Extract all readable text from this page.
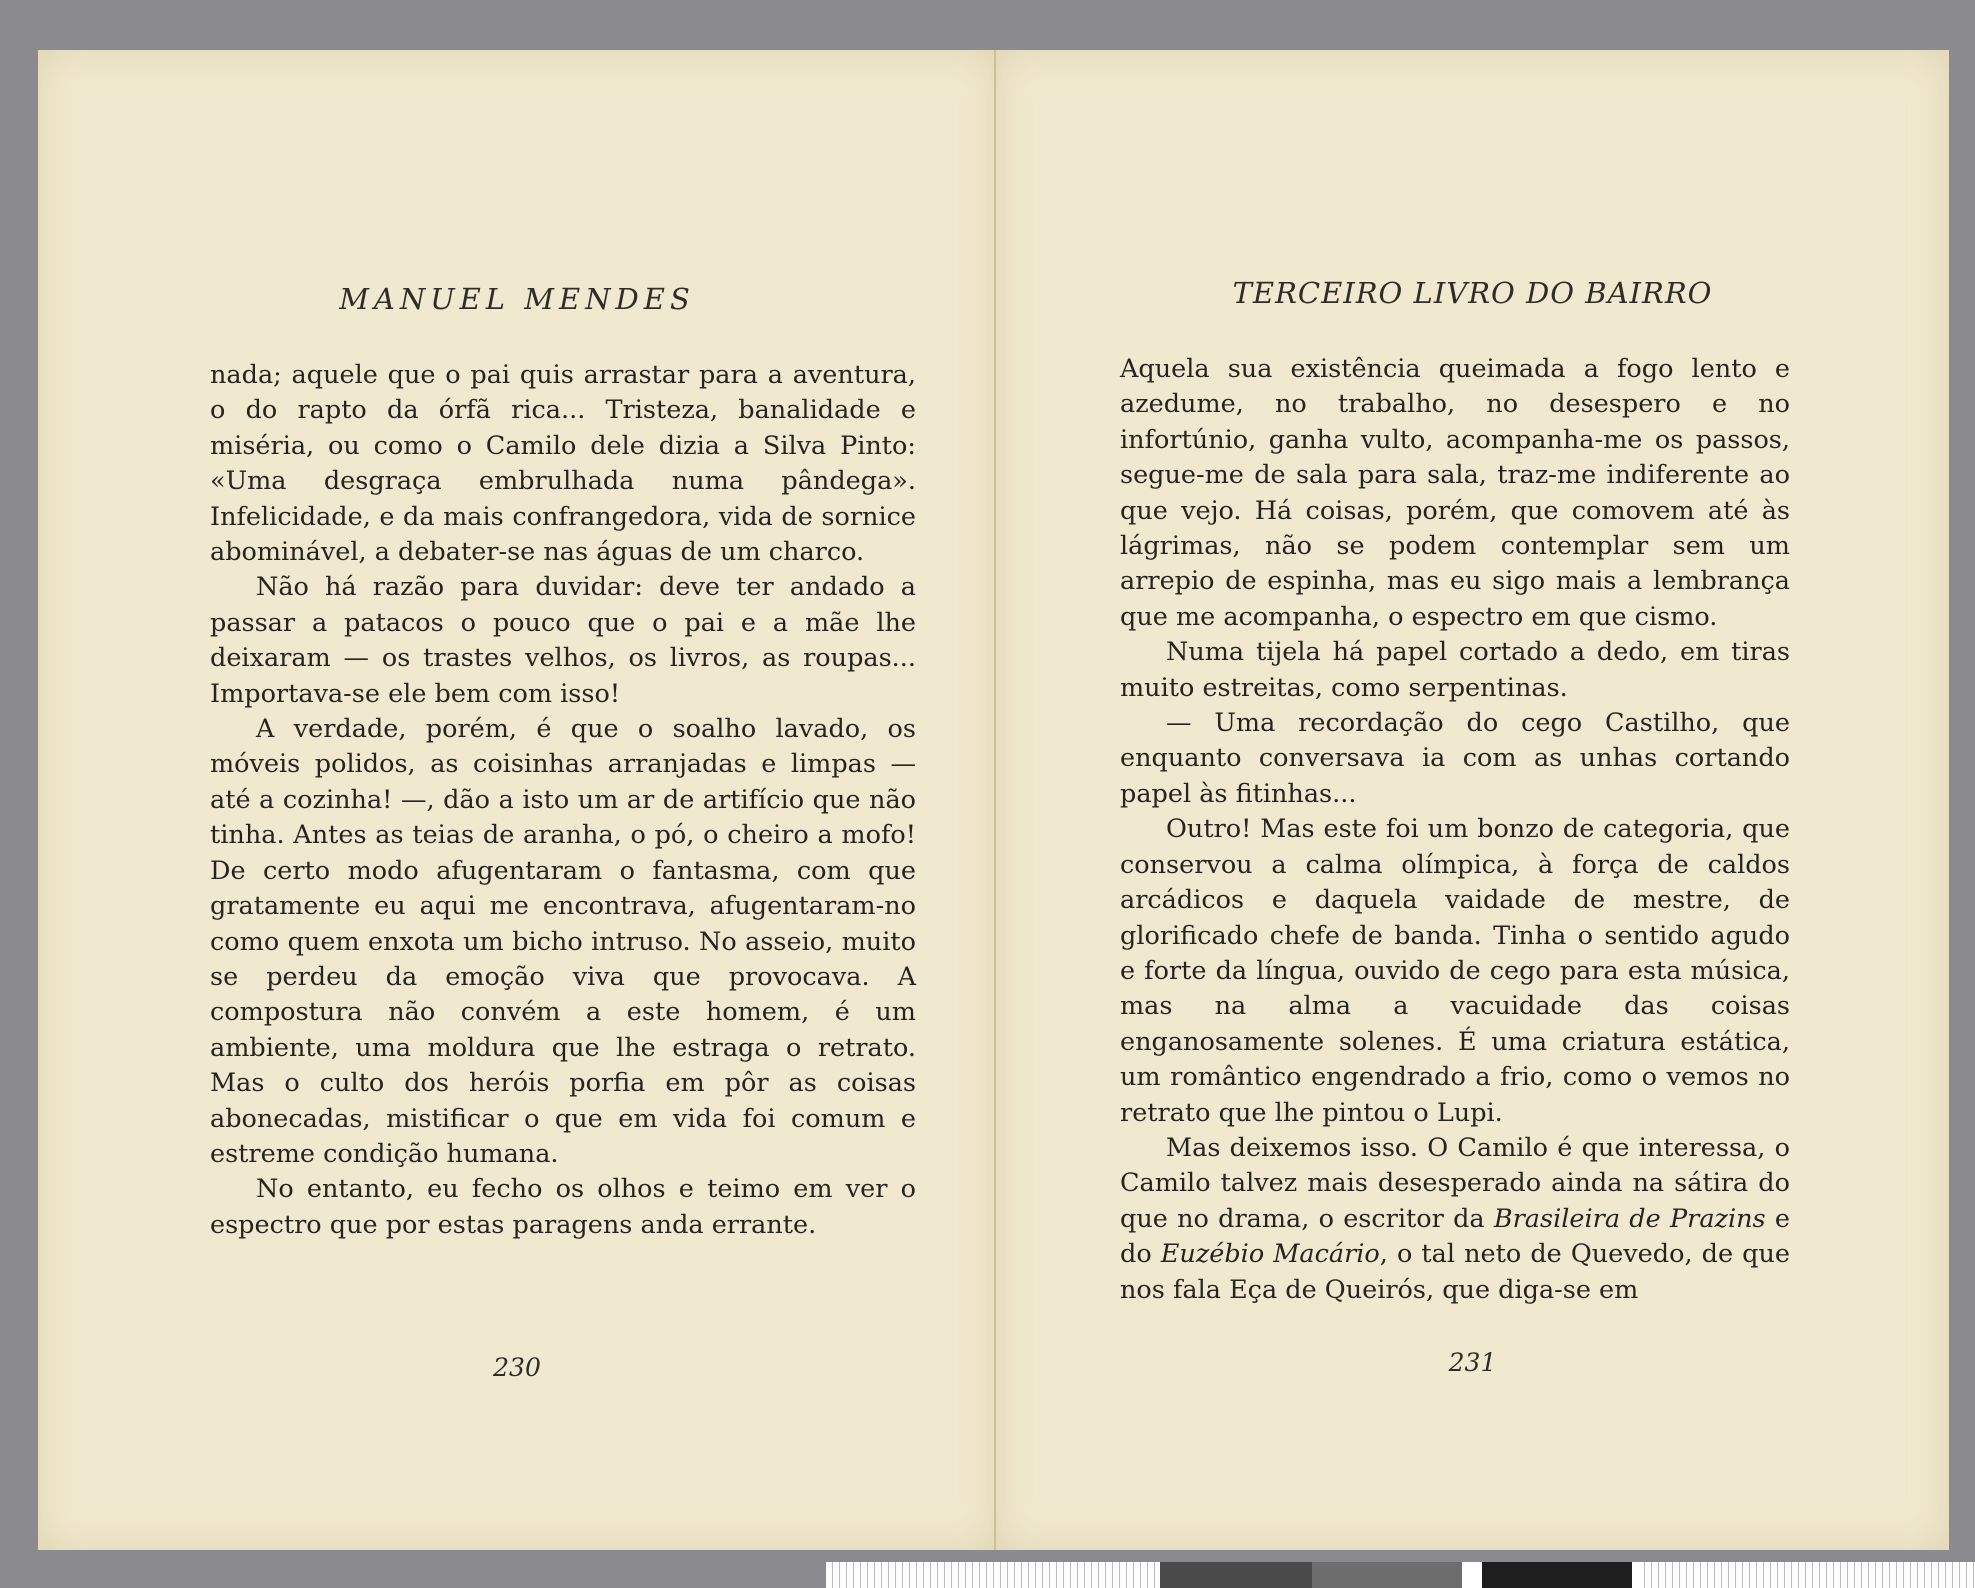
MANUEL MENDES

nada; aquele que o pai quis arrastar para a aventura, o do rapto da órfã rica... Tristeza, banalidade e miséria, ou como o Camilo dele dizia a Silva Pinto: «Uma desgraça embrulhada numa pândega». Infelicidade, e da mais confrangedora, vida de sornice abominável, a debater-se nas águas de um charco.

Não há razão para duvidar: deve ter andado a passar a patacos o pouco que o pai e a mãe lhe deixaram — os trastes velhos, os livros, as roupas... Importava-se ele bem com isso!

A verdade, porém, é que o soalho lavado, os móveis polidos, as coisinhas arranjadas e limpas — até a cozinha! —, dão a isto um ar de artifício que não tinha. Antes as teias de aranha, o pó, o cheiro a mofo! De certo modo afugentaram o fantasma, com que gratamente eu aqui me encontrava, afugentaram-no como quem enxota um bicho intruso. No asseio, muito se perdeu da emoção viva que provocava. A compostura não convém a este homem, é um ambiente, uma moldura que lhe estraga o retrato. Mas o culto dos heróis porfia em pôr as coisas abonecadas, mistificar o que em vida foi comum e estreme condição humana.

No entanto, eu fecho os olhos e teimo em ver o espectro que por estas paragens anda errante.

230
TERCEIRO LIVRO DO BAIRRO

Aquela sua existência queimada a fogo lento e azedume, no trabalho, no desespero e no infortúnio, ganha vulto, acompanha-me os passos, segue-me de sala para sala, traz-me indiferente ao que vejo. Há coisas, porém, que comovem até às lágrimas, não se podem contemplar sem um arrepio de espinha, mas eu sigo mais a lembrança que me acompanha, o espectro em que cismo.

Numa tijela há papel cortado a dedo, em tiras muito estreitas, como serpentinas.

— Uma recordação do cego Castilho, que enquanto conversava ia com as unhas cortando papel às fitinhas...

Outro! Mas este foi um bonzo de categoria, que conservou a calma olímpica, à força de caldos arcádicos e daquela vaidade de mestre, de glorificado chefe de banda. Tinha o sentido agudo e forte da língua, ouvido de cego para esta música, mas na alma a vacuidade das coisas enganosamente solenes. É uma criatura estática, um romântico engendrado a frio, como o vemos no retrato que lhe pintou o Lupi.

Mas deixemos isso. O Camilo é que interessa, o Camilo talvez mais desesperado ainda na sátira do que no drama, o escritor da Brasileira de Prazins e do Euzébio Macário, o tal neto de Quevedo, de que nos fala Eça de Queirós, que diga-se em

231
